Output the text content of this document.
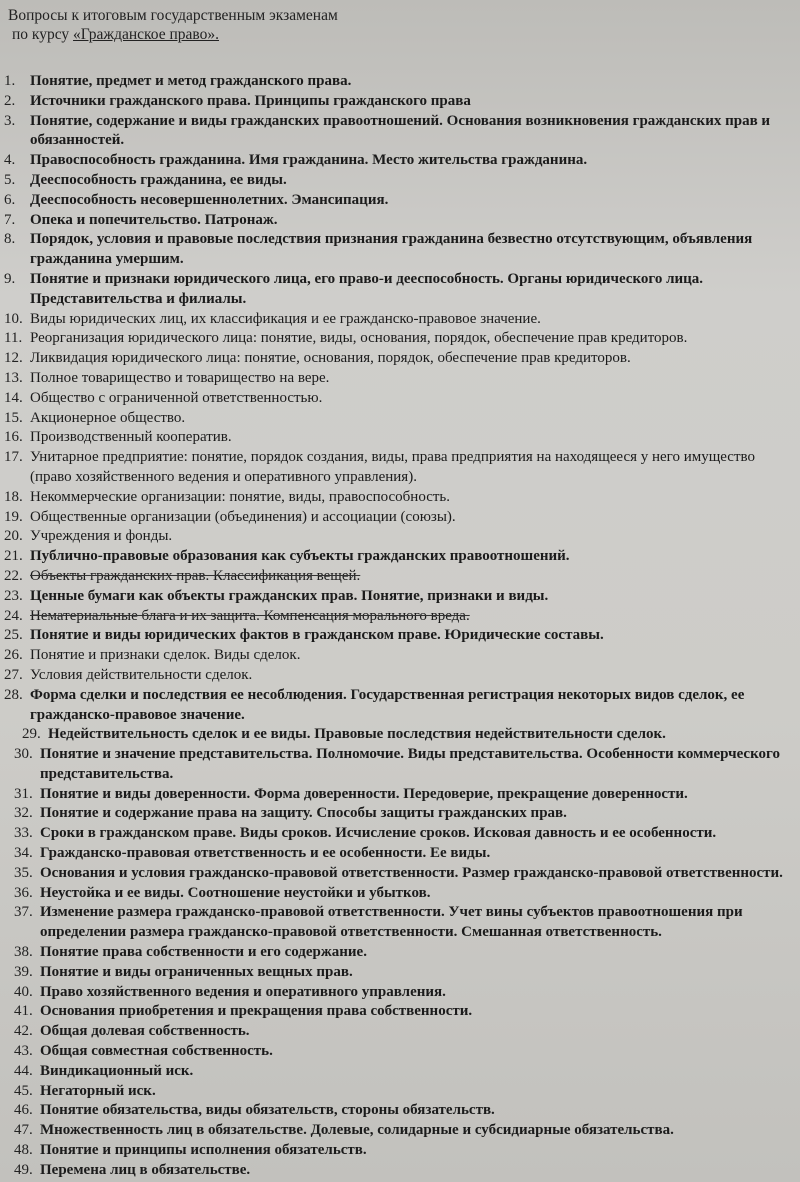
Вопросы к итоговым государственным экзаменам
по курсу «Гражданское право».
1. Понятие, предмет и метод гражданского права.
2. Источники гражданского права. Принципы гражданского права
3. Понятие, содержание и виды гражданских правоотношений. Основания возникновения гражданских прав и обязанностей.
4. Правоспособность гражданина. Имя гражданина. Место жительства гражданина.
5. Дееспособность гражданина, ее виды.
6. Дееспособность несовершеннолетних. Эмансипация.
7. Опека и попечительство. Патронаж.
8. Порядок, условия и правовые последствия признания гражданина безвестно отсутствующим, объявления гражданина умершим.
9. Понятие и признаки юридического лица, его право-и дееспособность. Органы юридического лица. Представительства и филиалы.
10. Виды юридических лиц, их классификация и ее гражданско-правовое значение.
11. Реорганизация юридического лица: понятие, виды, основания, порядок, обеспечение прав кредиторов.
12. Ликвидация юридического лица: понятие, основания, порядок, обеспечение прав кредиторов.
13. Полное товарищество и товарищество на вере.
14. Общество с ограниченной ответственностью.
15. Акционерное общество.
16. Производственный кооператив.
17. Унитарное предприятие: понятие, порядок создания, виды, права предприятия на находящееся у него имущество (право хозяйственного ведения и оперативного управления).
18. Некоммерческие организации: понятие, виды, правоспособность.
19. Общественные организации (объединения) и ассоциации (союзы).
20. Учреждения и фонды.
21. Публично-правовые образования как субъекты гражданских правоотношений.
22. Объекты гражданских прав. Классификация вещей.
23. Ценные бумаги как объекты гражданских прав. Понятие, признаки и виды.
24. Нематериальные блага и их защита. Компенсация морального вреда.
25. Понятие и виды юридических фактов в гражданском праве. Юридические составы.
26. Понятие и признаки сделок. Виды сделок.
27. Условия действительности сделок.
28. Форма сделки и последствия ее несоблюдения. Государственная регистрация некоторых видов сделок, ее гражданско-правовое значение.
29. Недействительность сделок и ее виды. Правовые последствия недействительности сделок.
30. Понятие и значение представительства. Полномочие. Виды представительства. Особенности коммерческого представительства.
31. Понятие и виды доверенности. Форма доверенности. Передоверие, прекращение доверенности.
32. Понятие и содержание права на защиту. Способы защиты гражданских прав.
33. Сроки в гражданском праве. Виды сроков. Исчисление сроков. Исковая давность и ее особенности.
34. Гражданско-правовая ответственность и ее особенности. Ее виды.
35. Основания и условия гражданско-правовой ответственности. Размер гражданско-правовой ответственности.
36. Неустойка и ее виды. Соотношение неустойки и убытков.
37. Изменение размера гражданско-правовой ответственности. Учет вины субъектов правоотношения при определении размера гражданско-правовой ответственности. Смешанная ответственность.
38. Понятие права собственности и его содержание.
39. Понятие и виды ограниченных вещных прав.
40. Право хозяйственного ведения и оперативного управления.
41. Основания приобретения и прекращения права собственности.
42. Общая долевая собственность.
43. Общая совместная собственность.
44. Виндикационный иск.
45. Негаторный иск.
46. Понятие обязательства, виды обязательств, стороны обязательств.
47. Множественность лиц в обязательстве. Долевые, солидарные и субсидиарные обязательства.
48. Понятие и принципы исполнения обязательств.
49. Перемена лиц в обязательстве.
